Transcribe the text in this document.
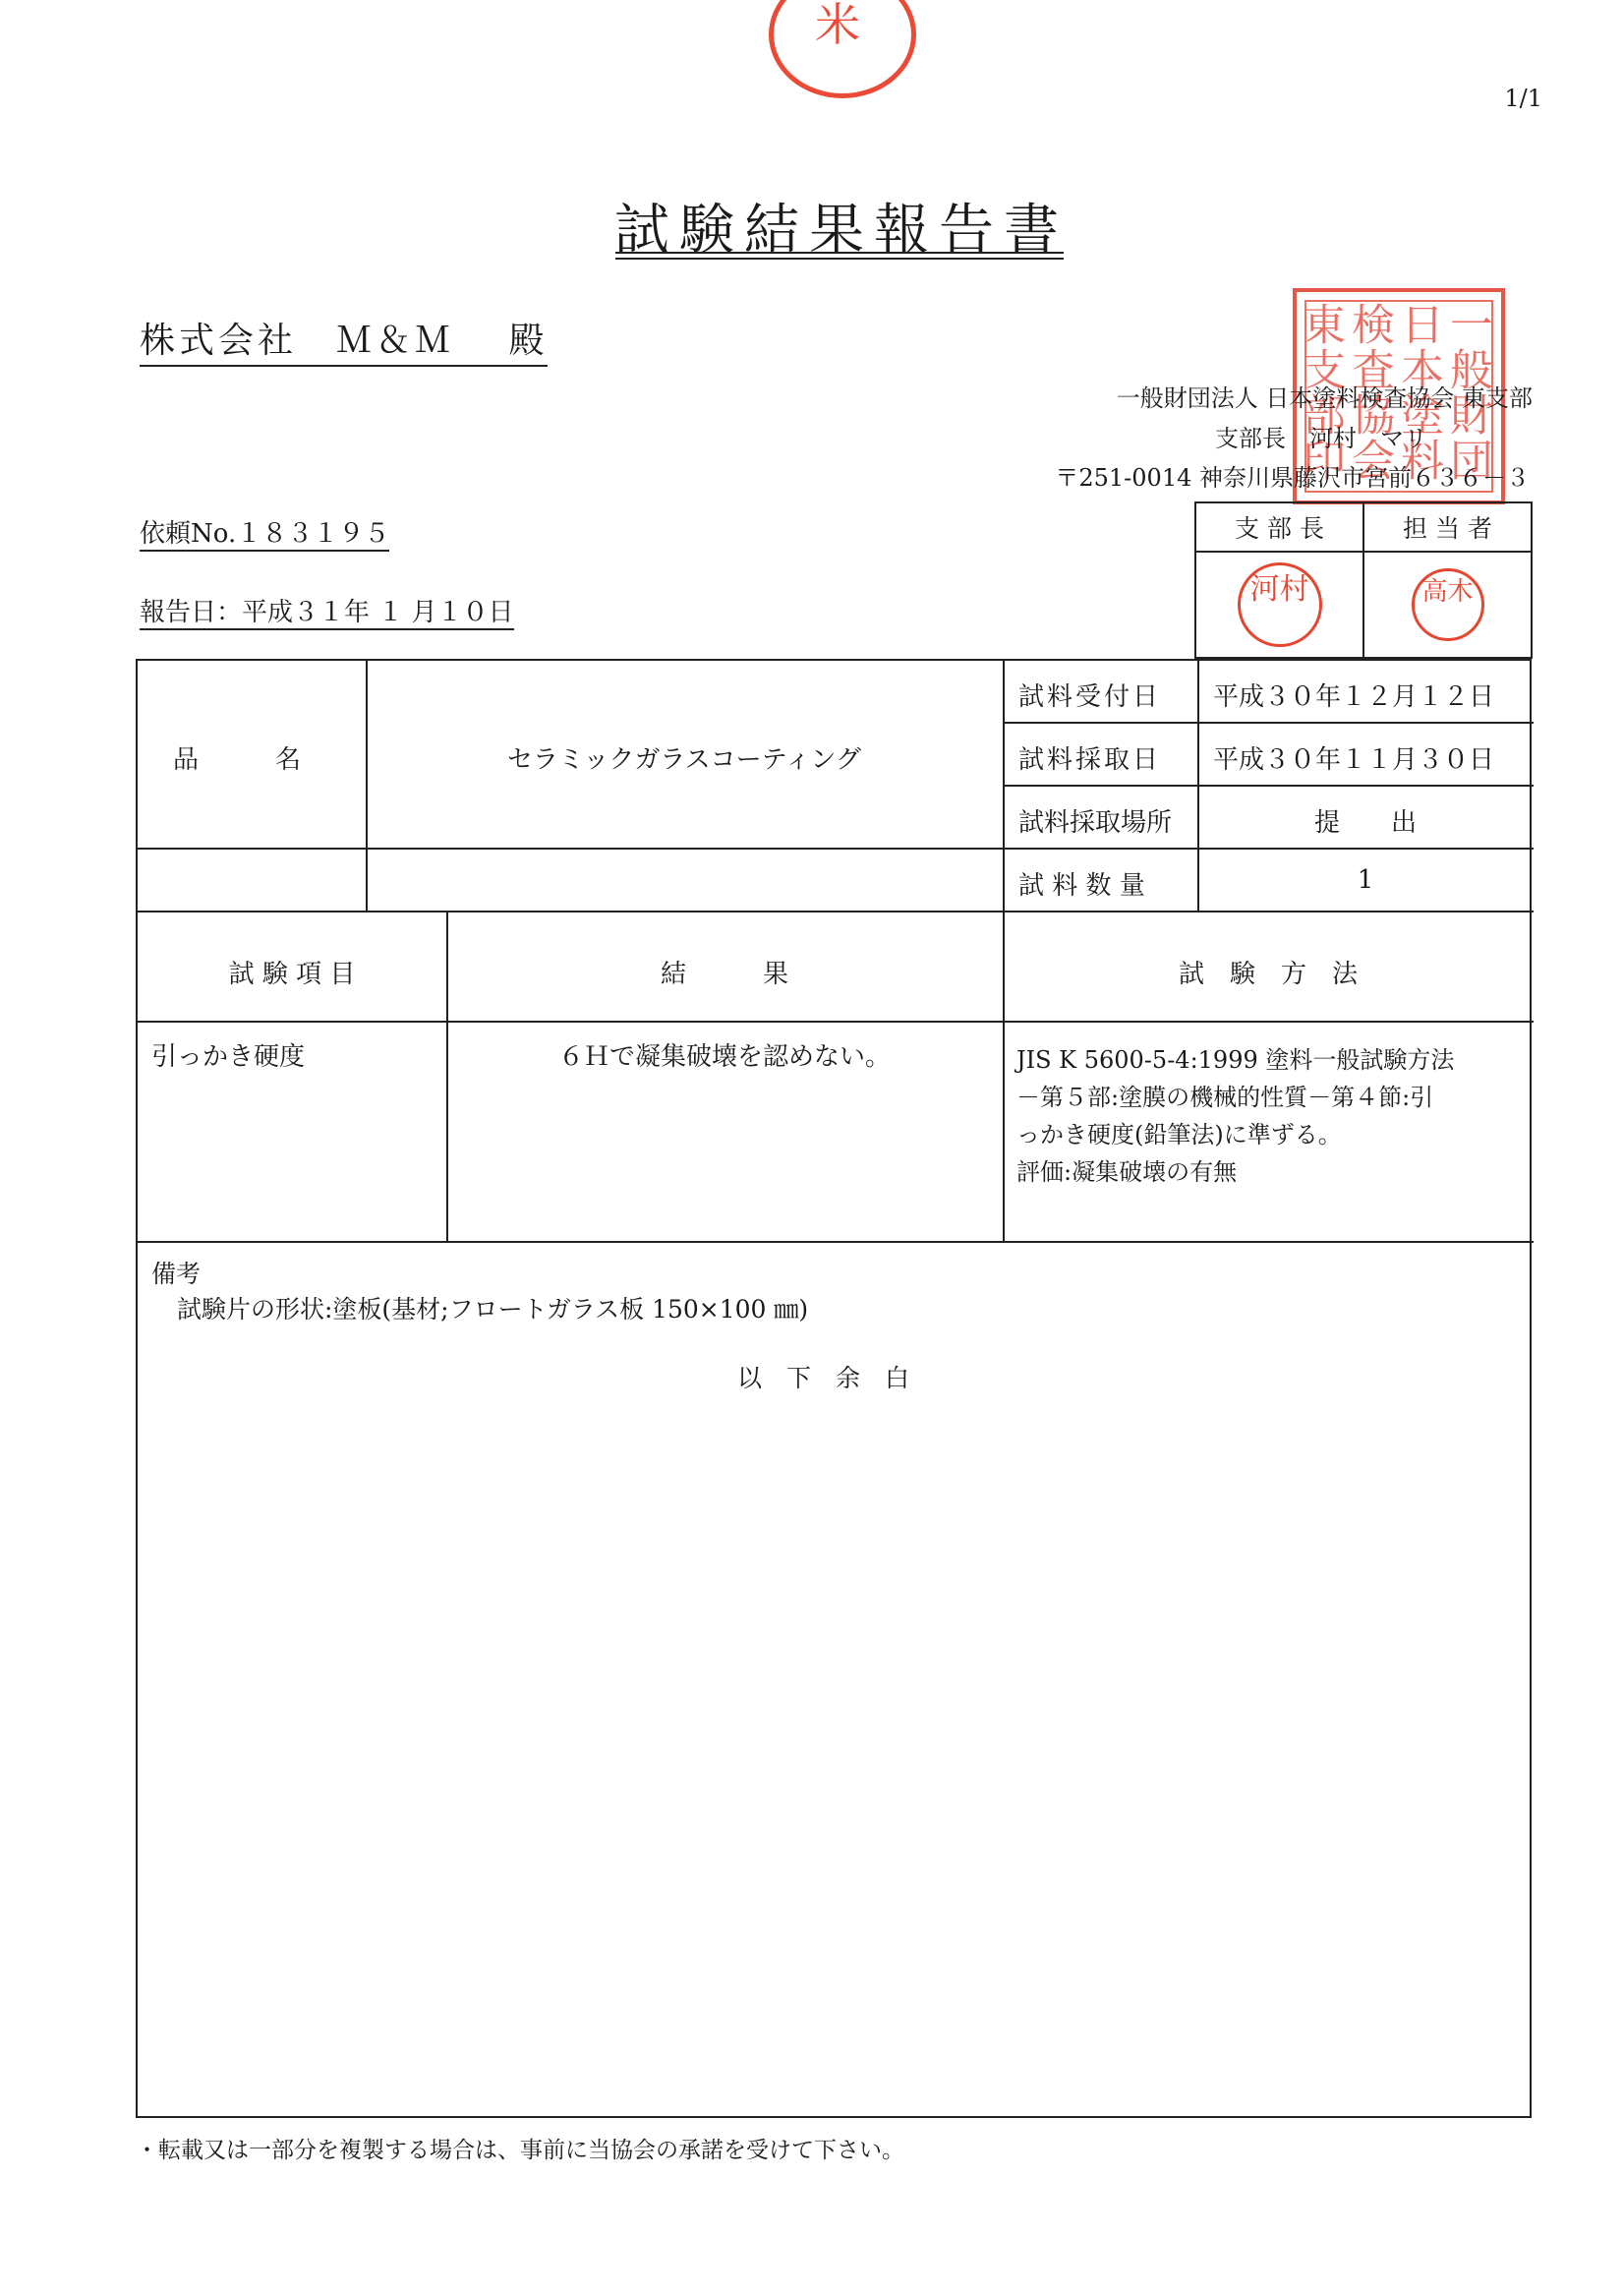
米
1/1
試験結果報告書
株式会社　Ｍ＆Ｍ　 殿	一般財団日本塗料検査協会東支部印
一般財団法人 日本塗料検査協会 東支部
支部長　河村　マリ
〒251-0014 神奈川県藤沢市宮前６３６－３
依頼No.１８３１９５
報告日：平成３１年 １ 月１０日
支 部 長	担 当 者
河村	高木
品　　　名	セラミックガラスコーティング
試料受付日 平成３０年１２月１２日
試料採取日 平成３０年１１月３０日
試料採取場所	提　　出
試 料 数 量	1
試 験 項 目	結　　　果	試　験　方　法
引っかき硬度	６Ｈで凝集破壊を認めない。	JIS K 5600-5-4:1999 塗料一般試験方法
－第５部:塗膜の機械的性質－第４節:引
っかき硬度(鉛筆法)に準ずる。
評価:凝集破壊の有無
備考
試験片の形状:塗板(基材;フロートガラス板 150×100 ㎜)
以　下　余　白
・転載又は一部分を複製する場合は、事前に当協会の承諾を受けて下さい。
